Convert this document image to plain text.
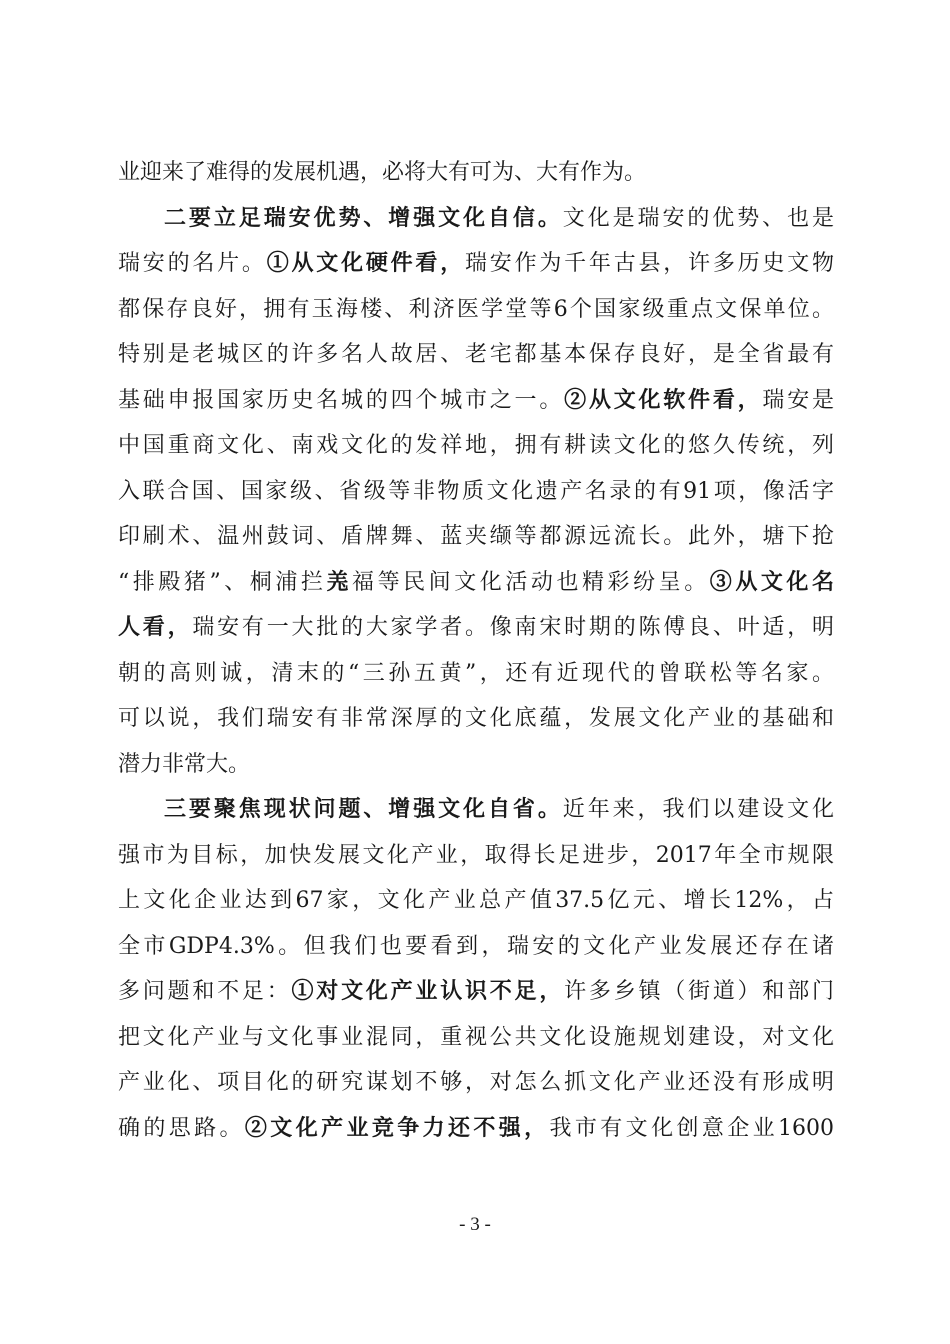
业迎来了难得的发展机遇，必将大有可为、大有作为。
二要立足瑞安优势、增强文化自信。文化是瑞安的优势、也是
瑞安的名片。①从文化硬件看，瑞安作为千年古县，许多历史文物
都保存良好，拥有玉海楼、利济医学堂等6个国家级重点文保单位。
特别是老城区的许多名人故居、老宅都基本保存良好，是全省最有
基础申报国家历史名城的四个城市之一。②从文化软件看，瑞安是
中国重商文化、南戏文化的发祥地，拥有耕读文化的悠久传统，列
入联合国、国家级、省级等非物质文化遗产名录的有91项，像活字
印刷术、温州鼓词、盾牌舞、蓝夹缬等都源远流长。此外，塘下抢
“排殿猪”、桐浦拦𦍑福等民间文化活动也精彩纷呈。③从文化名
人看，瑞安有一大批的大家学者。像南宋时期的陈傅良、叶适，明
朝的高则诚，清末的“三孙五黄”，还有近现代的曾联松等名家。
可以说，我们瑞安有非常深厚的文化底蕴，发展文化产业的基础和
潜力非常大。
三要聚焦现状问题、增强文化自省。近年来，我们以建设文化
强市为目标，加快发展文化产业，取得长足进步，2017年全市规限
上文化企业达到67家，文化产业总产值37.5亿元、增长12%，占
全市GDP4.3%。但我们也要看到，瑞安的文化产业发展还存在诸
多问题和不足：①对文化产业认识不足，许多乡镇（街道）和部门
把文化产业与文化事业混同，重视公共文化设施规划建设，对文化
产业化、项目化的研究谋划不够，对怎么抓文化产业还没有形成明
确的思路。②文化产业竞争力还不强，我市有文化创意企业1600
- 3 -
